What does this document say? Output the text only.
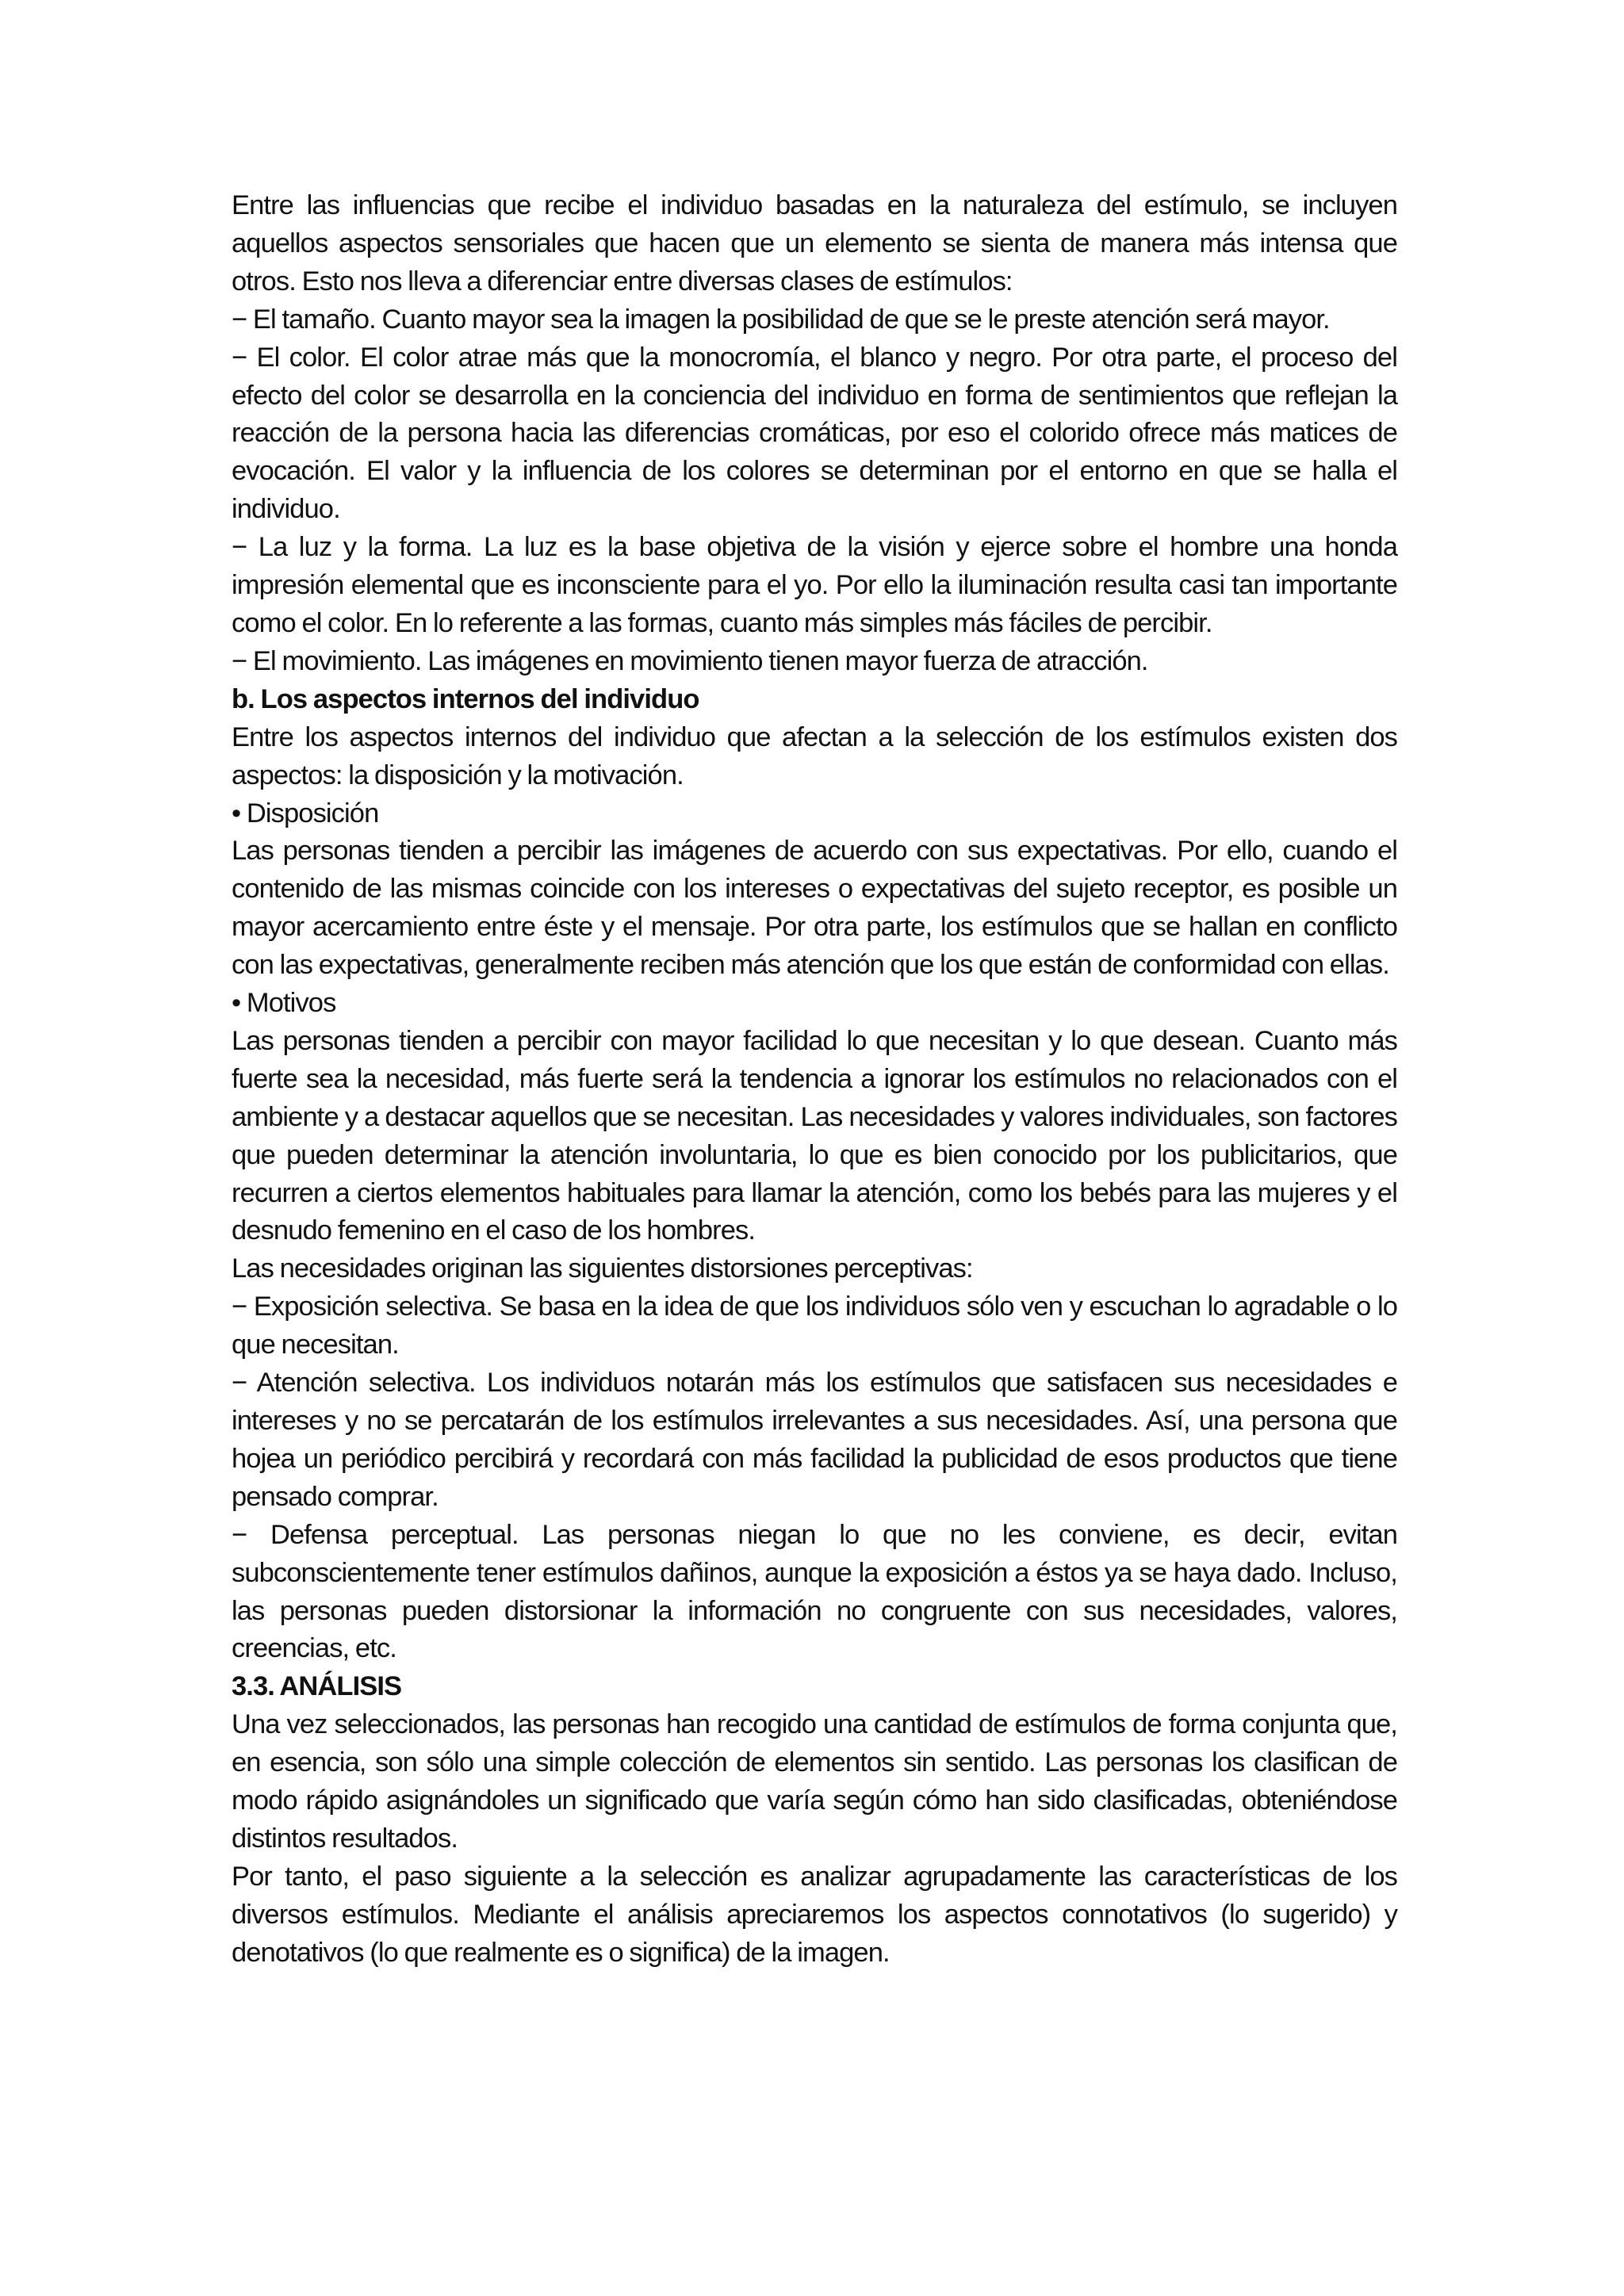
Entre las influencias que recibe el individuo basadas en la naturaleza del estímulo, se incluyen aquellos aspectos sensoriales que hacen que un elemento se sienta de manera más intensa que otros. Esto nos lleva a diferenciar entre diversas clases de estímulos:

− El tamaño. Cuanto mayor sea la imagen la posibilidad de que se le preste atención será mayor.

− El color. El color atrae más que la monocromía, el blanco y negro. Por otra parte, el proceso del efecto del color se desarrolla en la conciencia del individuo en forma de sentimientos que reflejan la reacción de la persona hacia las diferencias cromáticas, por eso el colorido ofrece más matices de evocación. El valor y la influencia de los colores se determinan por el entorno en que se halla el individuo.

− La luz y la forma. La luz es la base objetiva de la visión y ejerce sobre el hombre una honda impresión elemental que es inconsciente para el yo. Por ello la iluminación resulta casi tan importante como el color. En lo referente a las formas, cuanto más simples más fáciles de percibir.

− El movimiento. Las imágenes en movimiento tienen mayor fuerza de atracción.

b. Los aspectos internos del individuo

Entre los aspectos internos del individuo que afectan a la selección de los estímulos existen dos aspectos: la disposición y la motivación.

• Disposición

Las personas tienden a percibir las imágenes de acuerdo con sus expectativas. Por ello, cuando el contenido de las mismas coincide con los intereses o expectativas del sujeto receptor, es posible un mayor acercamiento entre éste y el mensaje. Por otra parte, los estímulos que se hallan en conflicto con las expectativas, generalmente reciben más atención que los que están de conformidad con ellas.

• Motivos

Las personas tienden a percibir con mayor facilidad lo que necesitan y lo que desean. Cuanto más fuerte sea la necesidad, más fuerte será la tendencia a ignorar los estímulos no relacionados con el ambiente y a destacar aquellos que se necesitan. Las necesidades y valores individuales, son factores que pueden determinar la atención involuntaria, lo que es bien conocido por los publicitarios, que recurren a ciertos elementos habituales para llamar la atención, como los bebés para las mujeres y el desnudo femenino en el caso de los hombres.

Las necesidades originan las siguientes distorsiones perceptivas:

− Exposición selectiva. Se basa en la idea de que los individuos sólo ven y escuchan lo agradable o lo que necesitan.

− Atención selectiva. Los individuos notarán más los estímulos que satisfacen sus necesidades e intereses y no se percatarán de los estímulos irrelevantes a sus necesidades. Así, una persona que hojea un periódico percibirá y recordará con más facilidad la publicidad de esos productos que tiene pensado comprar.

− Defensa perceptual. Las personas niegan lo que no les conviene, es decir, evitan subconscientemente tener estímulos dañinos, aunque la exposición a éstos ya se haya dado. Incluso, las personas pueden distorsionar la información no congruente con sus necesidades, valores, creencias, etc.

3.3. ANÁLISIS

Una vez seleccionados, las personas han recogido una cantidad de estímulos de forma conjunta que, en esencia, son sólo una simple colección de elementos sin sentido. Las personas los clasifican de modo rápido asignándoles un significado que varía según cómo han sido clasificadas, obteniéndose distintos resultados.

Por tanto, el paso siguiente a la selección es analizar agrupadamente las características de los diversos estímulos. Mediante el análisis apreciaremos los aspectos connotativos (lo sugerido) y denotativos (lo que realmente es o significa) de la imagen.
